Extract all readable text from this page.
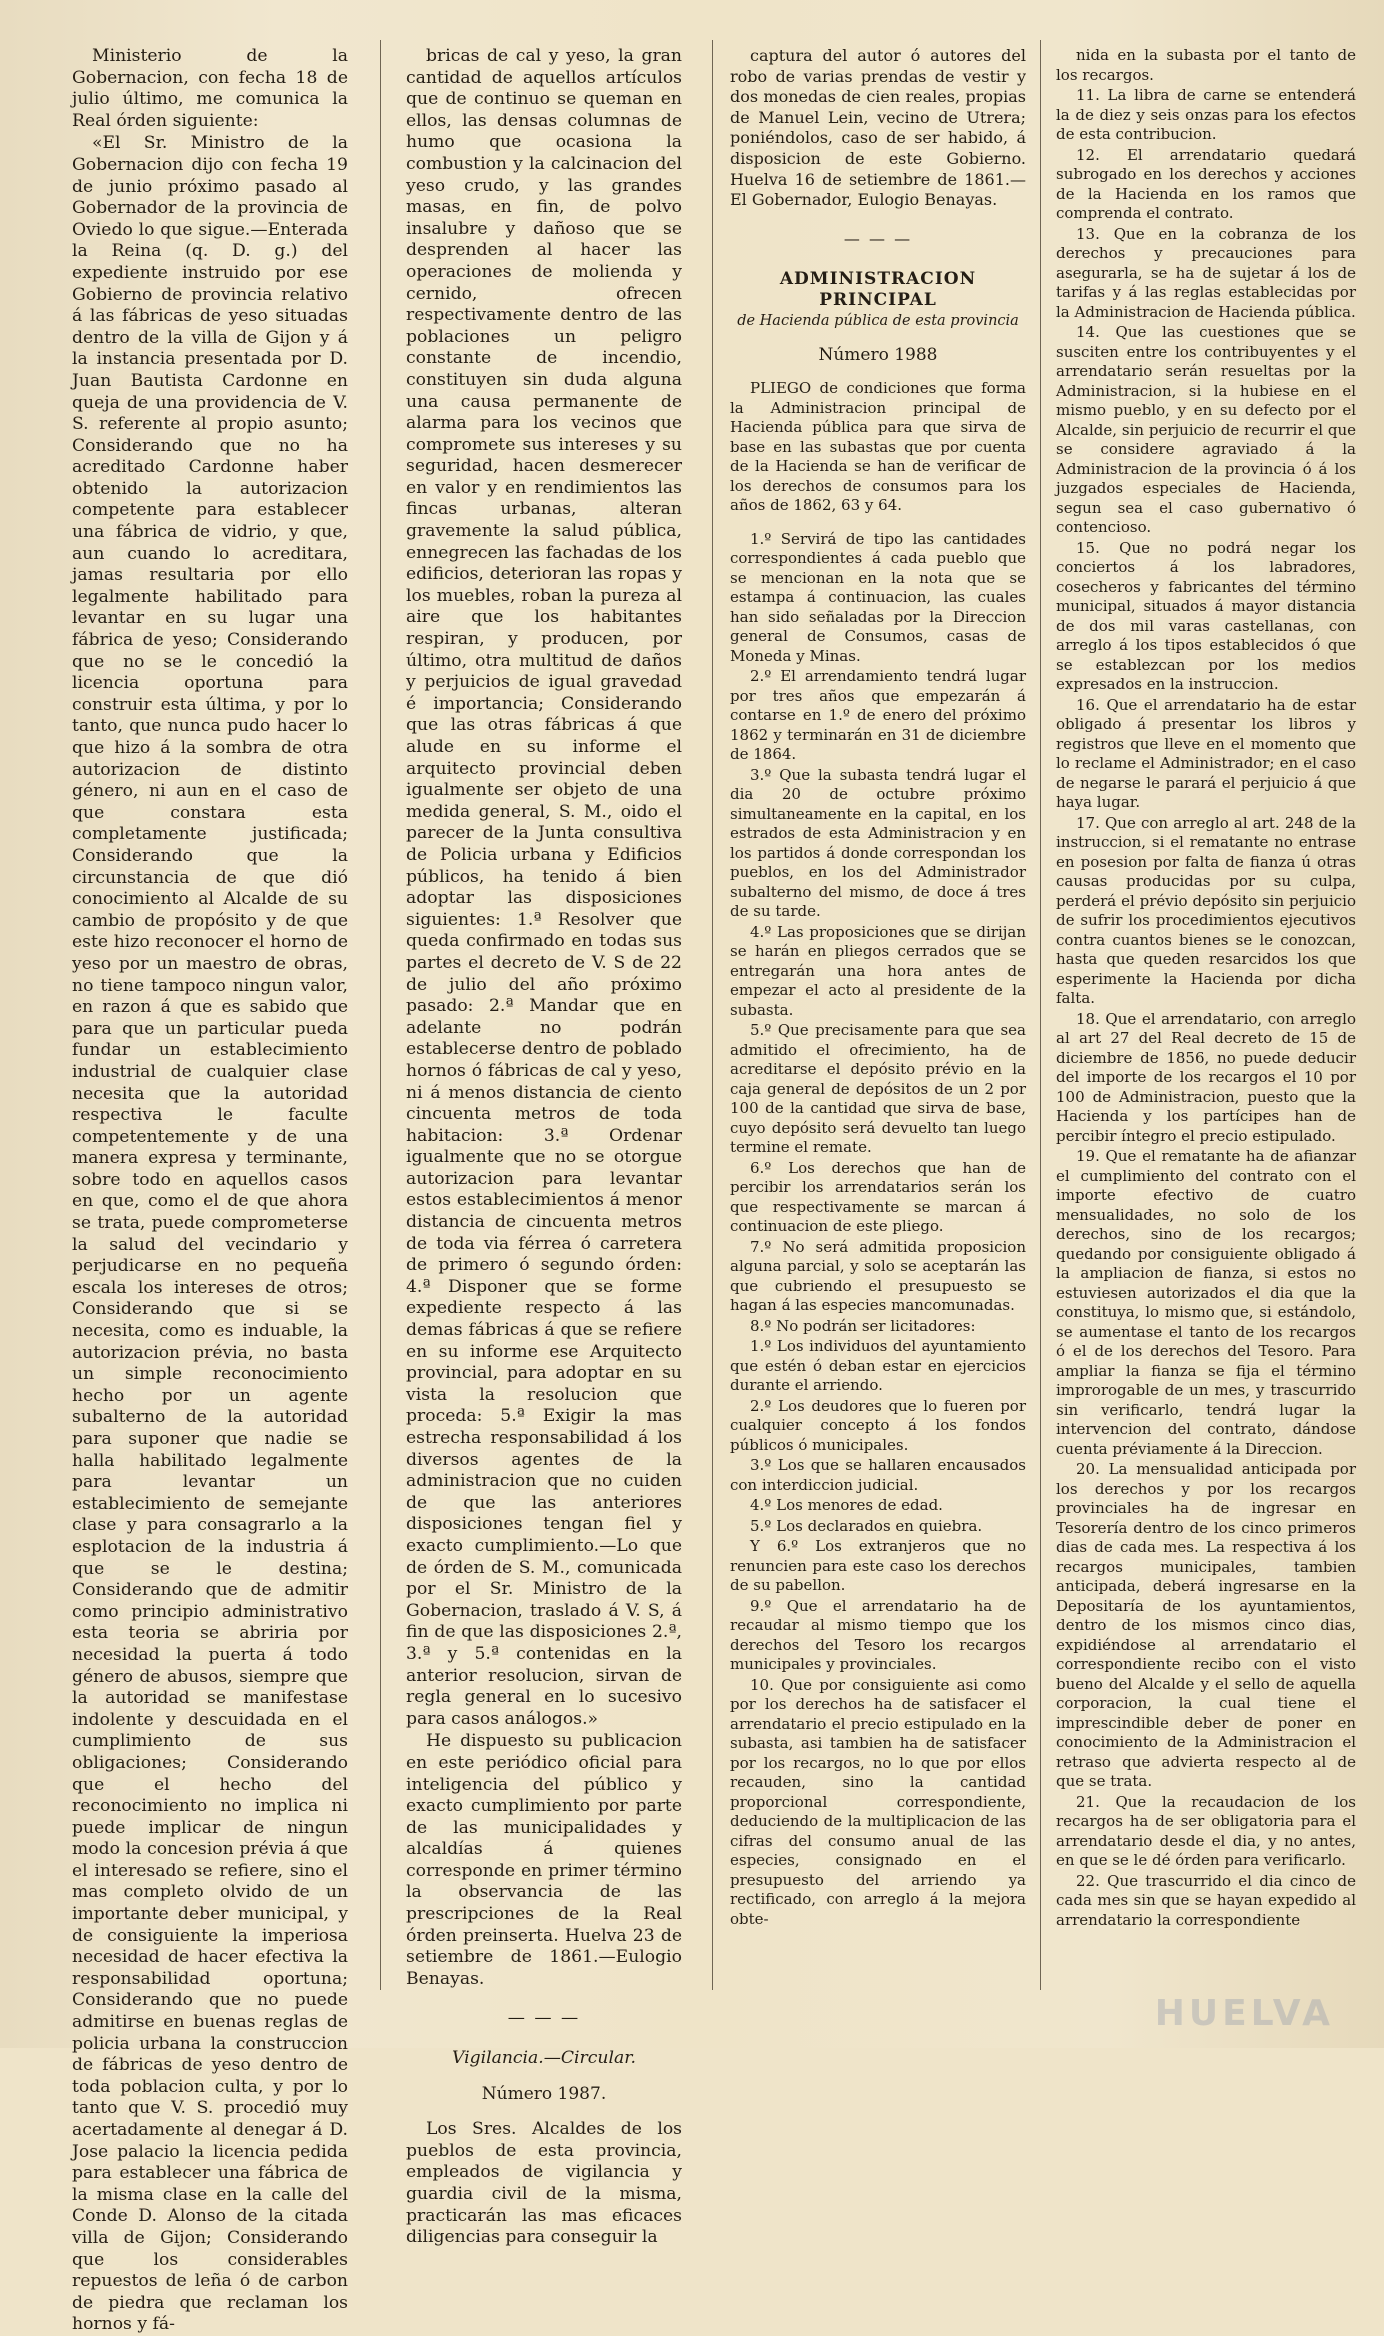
Ministerio de la Gobernacion, con fecha 18 de julio último, me comunica la Real órden siguiente:

«El Sr. Ministro de la Gobernacion dijo con fecha 19 de junio próximo pasado al Gobernador de la provincia de Oviedo lo que sigue.—Enterada la Reina (q. D. g.) del expediente instruido por ese Gobierno de provincia relativo á las fábricas de yeso situadas dentro de la villa de Gijon y á la instancia presentada por D. Juan Bautista Cardonne en queja de una providencia de V. S. referente al propio asunto; Considerando que no ha acreditado Cardonne haber obtenido la autorizacion competente para establecer una fábrica de vidrio, y que, aun cuando lo acreditara, jamas resultaria por ello legalmente habilitado para levantar en su lugar una fábrica de yeso; Considerando que no se le concedió la licencia oportuna para construir esta última, y por lo tanto, que nunca pudo hacer lo que hizo á la sombra de otra autorizacion de distinto género, ni aun en el caso de que constara esta completamente justificada; Considerando que la circunstancia de que dió conocimiento al Alcalde de su cambio de propósito y de que este hizo reconocer el horno de yeso por un maestro de obras, no tiene tampoco ningun valor, en razon á que es sabido que para que un particular pueda fundar un establecimiento industrial de cualquier clase necesita que la autoridad respectiva le faculte competentemente y de una manera expresa y terminante, sobre todo en aquellos casos en que, como el de que ahora se trata, puede comprometerse la salud del vecindario y perjudicarse en no pequeña escala los intereses de otros; Considerando que si se necesita, como es induable, la autorizacion prévia, no basta un simple reconocimiento hecho por un agente subalterno de la autoridad para suponer que nadie se halla habilitado legalmente para levantar un establecimiento de semejante clase y para consagrarlo a la esplotacion de la industria á que se le destina; Considerando que de admitir como principio administrativo esta teoria se abriria por necesidad la puerta á todo género de abusos, siempre que la autoridad se manifestase indolente y descuidada en el cumplimiento de sus obligaciones; Considerando que el hecho del reconocimiento no implica ni puede implicar de ningun modo la concesion prévia á que el interesado se refiere, sino el mas completo olvido de un importante deber municipal, y de consiguiente la imperiosa necesidad de hacer efectiva la responsabilidad oportuna; Considerando que no puede admitirse en buenas reglas de policia urbana la construccion de fábricas de yeso dentro de toda poblacion culta, y por lo tanto que V. S. procedió muy acertadamente al denegar á D. Jose palacio la licencia pedida para establecer una fábrica de la misma clase en la calle del Conde D. Alonso de la citada villa de Gijon; Considerando que los considerables repuestos de leña ó de carbon de piedra que reclaman los hornos y fá-

bricas de cal y yeso, la gran cantidad de aquellos artículos que de continuo se queman en ellos, las densas columnas de humo que ocasiona la combustion y la calcinacion del yeso crudo, y las grandes masas, en fin, de polvo insalubre y dañoso que se desprenden al hacer las operaciones de molienda y cernido, ofrecen respectivamente dentro de las poblaciones un peligro constante de incendio, constituyen sin duda alguna una causa permanente de alarma para los vecinos que compromete sus intereses y su seguridad, hacen desmerecer en valor y en rendimientos las fincas urbanas, alteran gravemente la salud pública, ennegrecen las fachadas de los edificios, deterioran las ropas y los muebles, roban la pureza al aire que los habitantes respiran, y producen, por último, otra multitud de daños y perjuicios de igual gravedad é importancia; Considerando que las otras fábricas á que alude en su informe el arquitecto provincial deben igualmente ser objeto de una medida general, S. M., oido el parecer de la Junta consultiva de Policia urbana y Edificios públicos, ha tenido á bien adoptar las disposiciones siguientes: 1.ª Resolver que queda confirmado en todas sus partes el decreto de V. S de 22 de julio del año próximo pasado: 2.ª Mandar que en adelante no podrán establecerse dentro de poblado hornos ó fábricas de cal y yeso, ni á menos distancia de ciento cincuenta metros de toda habitacion: 3.ª Ordenar igualmente que no se otorgue autorizacion para levantar estos establecimientos á menor distancia de cincuenta metros de toda via férrea ó carretera de primero ó segundo órden: 4.ª Disponer que se forme expediente respecto á las demas fábricas á que se refiere en su informe ese Arquitecto provincial, para adoptar en su vista la resolucion que proceda: 5.ª Exigir la mas estrecha responsabilidad á los diversos agentes de la administracion que no cuiden de que las anteriores disposiciones tengan fiel y exacto cumplimiento.—Lo que de órden de S. M., comunicada por el Sr. Ministro de la Gobernacion, traslado á V. S, á fin de que las disposiciones 2.ª, 3.ª y 5.ª contenidas en la anterior resolucion, sirvan de regla general en lo sucesivo para casos análogos.»

He dispuesto su publicacion en este periódico oficial para inteligencia del público y exacto cumplimiento por parte de las municipalidades y alcaldías á quienes corresponde en primer término la observancia de las prescripciones de la Real órden preinserta. Huelva 23 de setiembre de 1861.—Eulogio Benayas.

— — —

Vigilancia.—Circular.

Número 1987.

Los Sres. Alcaldes de los pueblos de esta provincia, empleados de vigilancia y guardia civil de la misma, practicarán las mas eficaces diligencias para conseguir la

captura del autor ó autores del robo de varias prendas de vestir y dos monedas de cien reales, propias de Manuel Lein, vecino de Utrera; poniéndolos, caso de ser habido, á disposicion de este Gobierno. Huelva 16 de setiembre de 1861.—El Gobernador, Eulogio Benayas.

— — —

ADMINISTRACION PRINCIPAL

de Hacienda pública de esta provincia

Número 1988

PLIEGO de condiciones que forma la Administracion principal de Hacienda pública para que sirva de base en las subastas que por cuenta de la Hacienda se han de verificar de los derechos de consumos para los años de 1862, 63 y 64.

1.º Servirá de tipo las cantidades correspondientes á cada pueblo que se mencionan en la nota que se estampa á continuacion, las cuales han sido señaladas por la Direccion general de Consumos, casas de Moneda y Minas.

2.º El arrendamiento tendrá lugar por tres años que empezarán á contarse en 1.º de enero del próximo 1862 y terminarán en 31 de diciembre de 1864.

3.º Que la subasta tendrá lugar el dia 20 de octubre próximo simultaneamente en la capital, en los estrados de esta Administracion y en los partidos á donde correspondan los pueblos, en los del Administrador subalterno del mismo, de doce á tres de su tarde.

4.º Las proposiciones que se dirijan se harán en pliegos cerrados que se entregarán una hora antes de empezar el acto al presidente de la subasta.

5.º Que precisamente para que sea admitido el ofrecimiento, ha de acreditarse el depósito prévio en la caja general de depósitos de un 2 por 100 de la cantidad que sirva de base, cuyo depósito será devuelto tan luego termine el remate.

6.º Los derechos que han de percibir los arrendatarios serán los que respectivamente se marcan á continuacion de este pliego.

7.º No será admitida proposicion alguna parcial, y solo se aceptarán las que cubriendo el presupuesto se hagan á las especies mancomunadas.

8.º No podrán ser licitadores:

1.º Los individuos del ayuntamiento que estén ó deban estar en ejercicios durante el arriendo.

2.º Los deudores que lo fueren por cualquier concepto á los fondos públicos ó municipales.

3.º Los que se hallaren encausados con interdiccion judicial.

4.º Los menores de edad.

5.º Los declarados en quiebra.

Y 6.º Los extranjeros que no renuncien para este caso los derechos de su pabellon.

9.º Que el arrendatario ha de recaudar al mismo tiempo que los derechos del Tesoro los recargos municipales y provinciales.

10. Que por consiguiente asi como por los derechos ha de satisfacer el arrendatario el precio estipulado en la subasta, asi tambien ha de satisfacer por los recargos, no lo que por ellos recauden, sino la cantidad proporcional correspondiente, deduciendo de la multiplicacion de las cifras del consumo anual de las especies, consignado en el presupuesto del arriendo ya rectificado, con arreglo á la mejora obte-

nida en la subasta por el tanto de los recargos.

11. La libra de carne se entenderá la de diez y seis onzas para los efectos de esta contribucion.

12. El arrendatario quedará subrogado en los derechos y acciones de la Hacienda en los ramos que comprenda el contrato.

13. Que en la cobranza de los derechos y precauciones para asegurarla, se ha de sujetar á los de tarifas y á las reglas establecidas por la Administracion de Hacienda pública.

14. Que las cuestiones que se susciten entre los contribuyentes y el arrendatario serán resueltas por la Administracion, si la hubiese en el mismo pueblo, y en su defecto por el Alcalde, sin perjuicio de recurrir el que se considere agraviado á la Administracion de la provincia ó á los juzgados especiales de Hacienda, segun sea el caso gubernativo ó contencioso.

15. Que no podrá negar los conciertos á los labradores, cosecheros y fabricantes del término municipal, situados á mayor distancia de dos mil varas castellanas, con arreglo á los tipos establecidos ó que se establezcan por los medios expresados en la instruccion.

16. Que el arrendatario ha de estar obligado á presentar los libros y registros que lleve en el momento que lo reclame el Administrador; en el caso de negarse le parará el perjuicio á que haya lugar.

17. Que con arreglo al art. 248 de la instruccion, si el rematante no entrase en posesion por falta de fianza ú otras causas producidas por su culpa, perderá el prévio depósito sin perjuicio de sufrir los procedimientos ejecutivos contra cuantos bienes se le conozcan, hasta que queden resarcidos los que esperimente la Hacienda por dicha falta.

18. Que el arrendatario, con arreglo al art 27 del Real decreto de 15 de diciembre de 1856, no puede deducir del importe de los recargos el 10 por 100 de Administracion, puesto que la Hacienda y los partícipes han de percibir íntegro el precio estipulado.

19. Que el rematante ha de afianzar el cumplimiento del contrato con el importe efectivo de cuatro mensualidades, no solo de los derechos, sino de los recargos; quedando por consiguiente obligado á la ampliacion de fianza, si estos no estuviesen autorizados el dia que la constituya, lo mismo que, si estándolo, se aumentase el tanto de los recargos ó el de los derechos del Tesoro. Para ampliar la fianza se fija el término improrogable de un mes, y trascurrido sin verificarlo, tendrá lugar la intervencion del contrato, dándose cuenta préviamente á la Direccion.

20. La mensualidad anticipada por los derechos y por los recargos provinciales ha de ingresar en Tesorería dentro de los cinco primeros dias de cada mes. La respectiva á los recargos municipales, tambien anticipada, deberá ingresarse en la Depositaría de los ayuntamientos, dentro de los mismos cinco dias, expidiéndose al arrendatario el correspondiente recibo con el visto bueno del Alcalde y el sello de aquella corporacion, la cual tiene el imprescindible deber de poner en conocimiento de la Administracion el retraso que advierta respecto al de que se trata.

21. Que la recaudacion de los recargos ha de ser obligatoria para el arrendatario desde el dia, y no antes, en que se le dé órden para verificarlo.

22. Que trascurrido el dia cinco de cada mes sin que se hayan expedido al arrendatario la correspondiente

HUELVA
